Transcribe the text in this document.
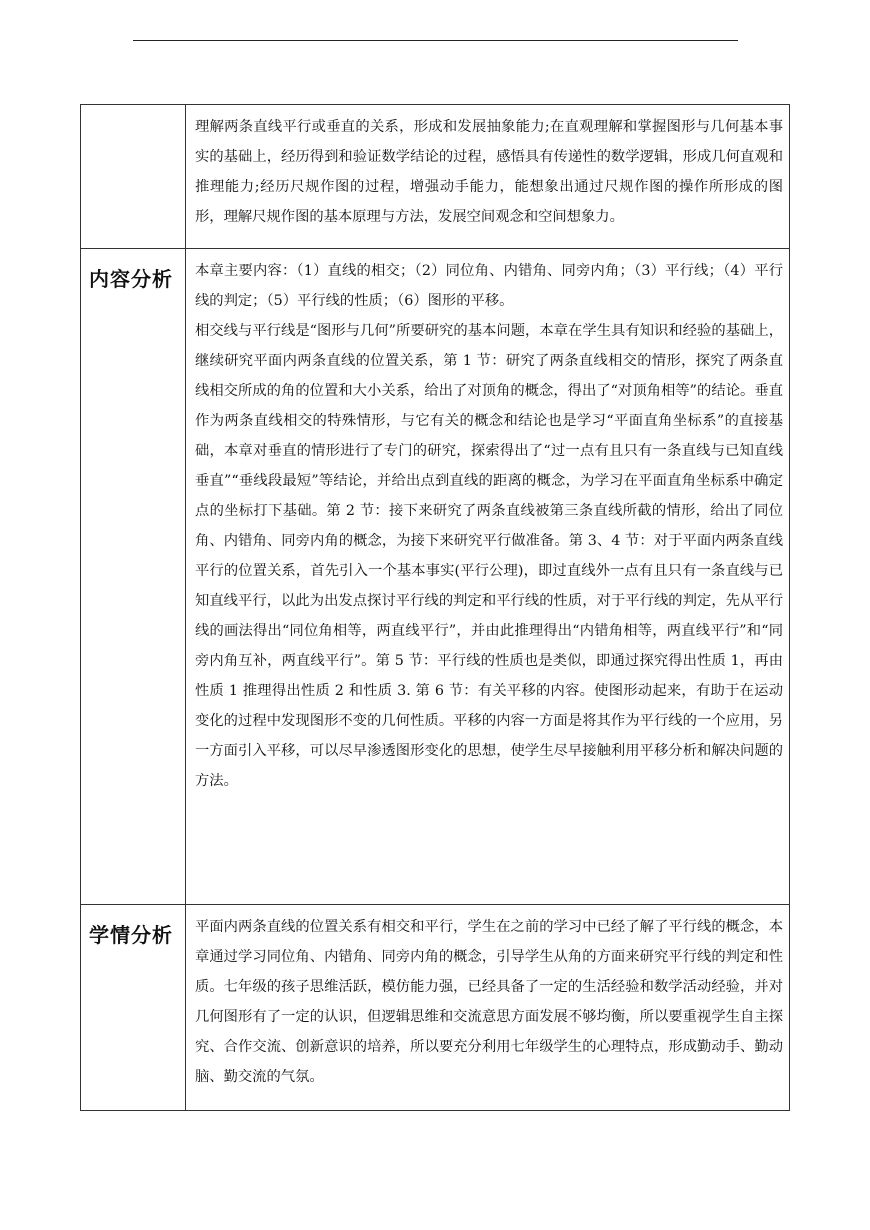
	理解两条直线平行或垂直的关系，形成和发展抽象能力;在直观理解和掌握图形与几何基本事实的基础上，经历得到和验证数学结论的过程，感悟具有传递性的数学逻辑，形成几何直观和推理能力;经历尺规作图的过程，增强动手能力，能想象出通过尺规作图的操作所形成的图形，理解尺规作图的基本原理与方法，发展空间观念和空间想象力。

内容分析	本章主要内容：（1）直线的相交；（2）同位角、内错角、同旁内角；（3）平行线；（4）平行线的判定；（5）平行线的性质；（6）图形的平移。

相交线与平行线是“图形与几何”所要研究的基本问题，本章在学生具有知识和经验的基础上，继续研究平面内两条直线的位置关系，第 1 节：研究了两条直线相交的情形，探究了两条直线相交所成的角的位置和大小关系，给出了对顶角的概念，得出了“对顶角相等”的结论。垂直作为两条直线相交的特殊情形，与它有关的概念和结论也是学习“平面直角坐标系”的直接基础，本章对垂直的情形进行了专门的研究，探索得出了“过一点有且只有一条直线与已知直线垂直”“垂线段最短”等结论，并给出点到直线的距离的概念，为学习在平面直角坐标系中确定点的坐标打下基础。第 2 节：接下来研究了两条直线被第三条直线所截的情形，给出了同位角、内错角、同旁内角的概念，为接下来研究平行做准备。第 3、4 节：对于平面内两条直线平行的位置关系，首先引入一个基本事实(平行公理)，即过直线外一点有且只有一条直线与已知直线平行，以此为出发点探讨平行线的判定和平行线的性质，对于平行线的判定，先从平行线的画法得出“同位角相等，两直线平行”，并由此推理得出“内错角相等，两直线平行”和“同旁内角互补，两直线平行”。第 5 节：平行线的性质也是类似，即通过探究得出性质 1，再由性质 1 推理得出性质 2 和性质 3. 第 6 节：有关平移的内容。使图形动起来，有助于在运动变化的过程中发现图形不变的几何性质。平移的内容一方面是将其作为平行线的一个应用，另一方面引入平移，可以尽早渗透图形变化的思想，使学生尽早接触利用平移分析和解决问题的方法。

学情分析	平面内两条直线的位置关系有相交和平行，学生在之前的学习中已经了解了平行线的概念，本章通过学习同位角、内错角、同旁内角的概念，引导学生从角的方面来研究平行线的判定和性质。七年级的孩子思维活跃，模仿能力强，已经具备了一定的生活经验和数学活动经验，并对几何图形有了一定的认识，但逻辑思维和交流意思方面发展不够均衡，所以要重视学生自主探究、合作交流、创新意识的培养，所以要充分利用七年级学生的心理特点，形成勤动手、勤动脑、勤交流的气氛。
